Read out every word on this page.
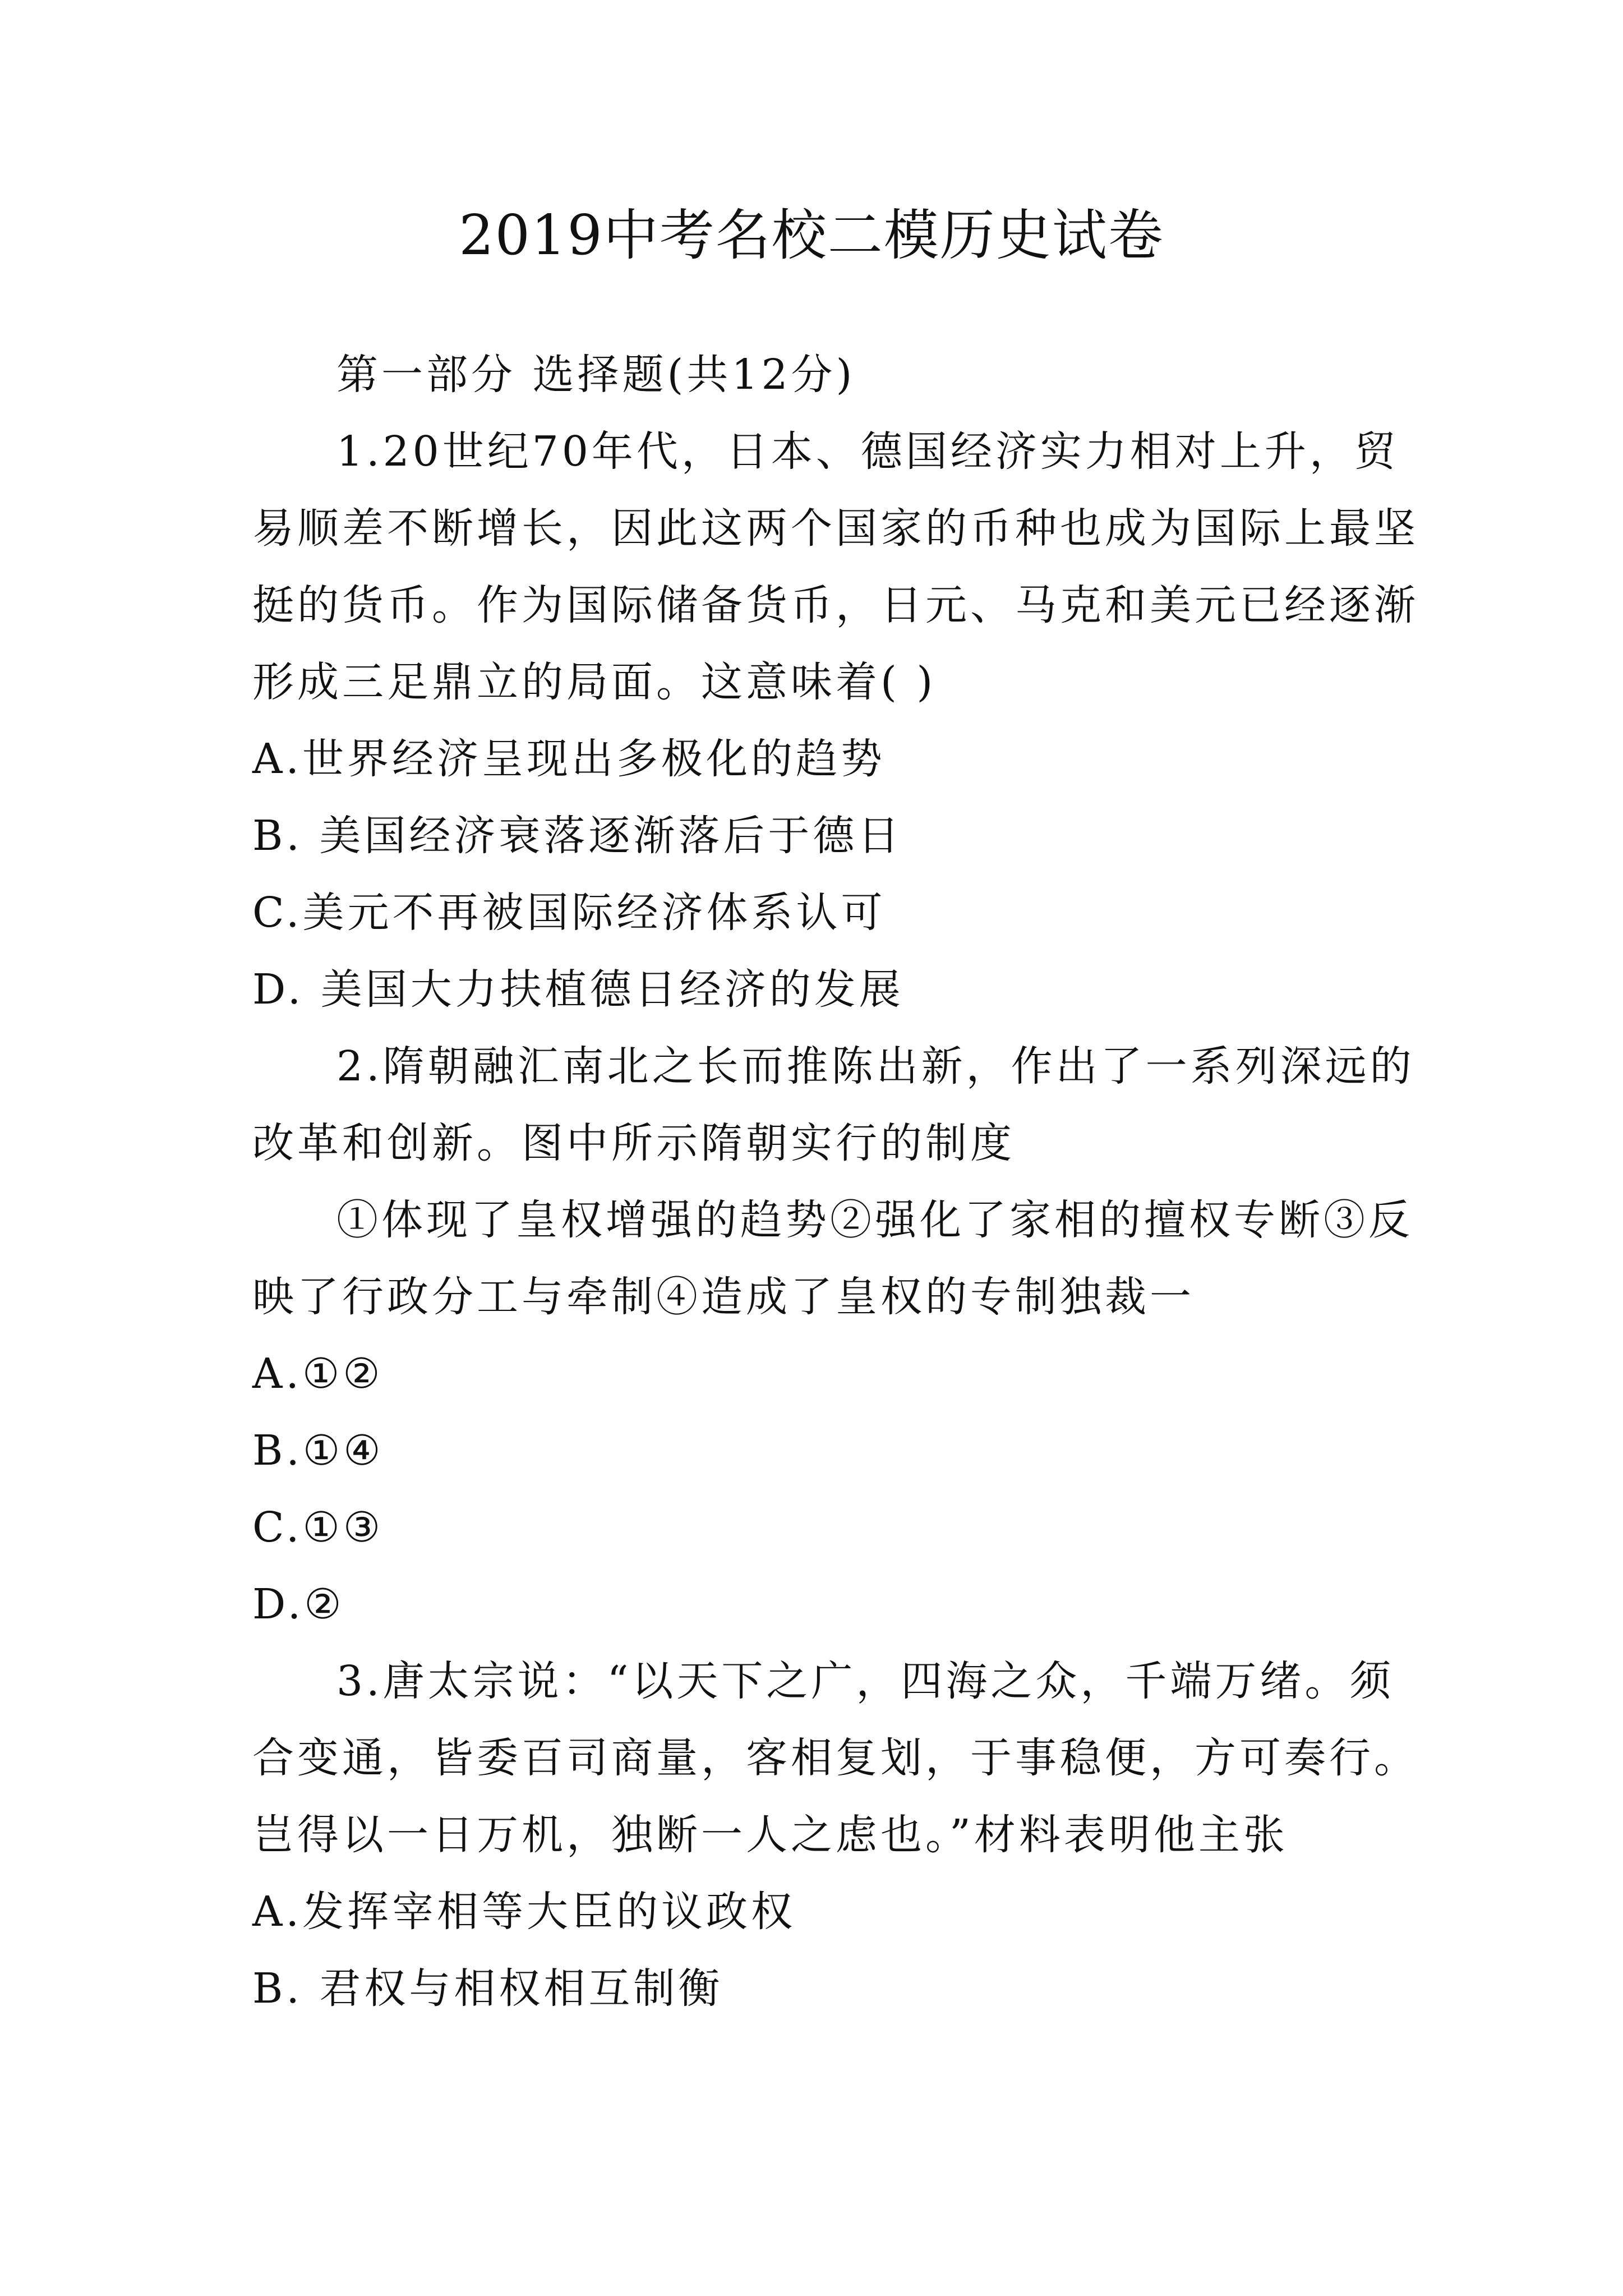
2019中考名校二模历史试卷

第一部分 选择题(共12分)

1.20世纪70年代，日本、德国经济实力相对上升，贸易顺差不断增长，因此这两个国家的币种也成为国际上最坚挺的货币。作为国际储备货币，日元、马克和美元已经逐渐形成三足鼎立的局面。这意味着( )

A.世界经济呈现出多极化的趋势

B. 美国经济衰落逐渐落后于德日

C.美元不再被国际经济体系认可

D. 美国大力扶植德日经济的发展

2.隋朝融汇南北之长而推陈出新，作出了一系列深远的改革和创新。图中所示隋朝实行的制度

①体现了皇权增强的趋势②强化了家相的擅权专断③反映了行政分工与牵制④造成了皇权的专制独裁一

A.①②

B.①④

C.①③

D.②

3.唐太宗说：“以天下之广，四海之众，千端万绪。须合变通，皆委百司商量，客相复划，于事稳便，方可奏行。岂得以一日万机，独断一人之虑也。”材料表明他主张

A.发挥宰相等大臣的议政权

B. 君权与相权相互制衡
